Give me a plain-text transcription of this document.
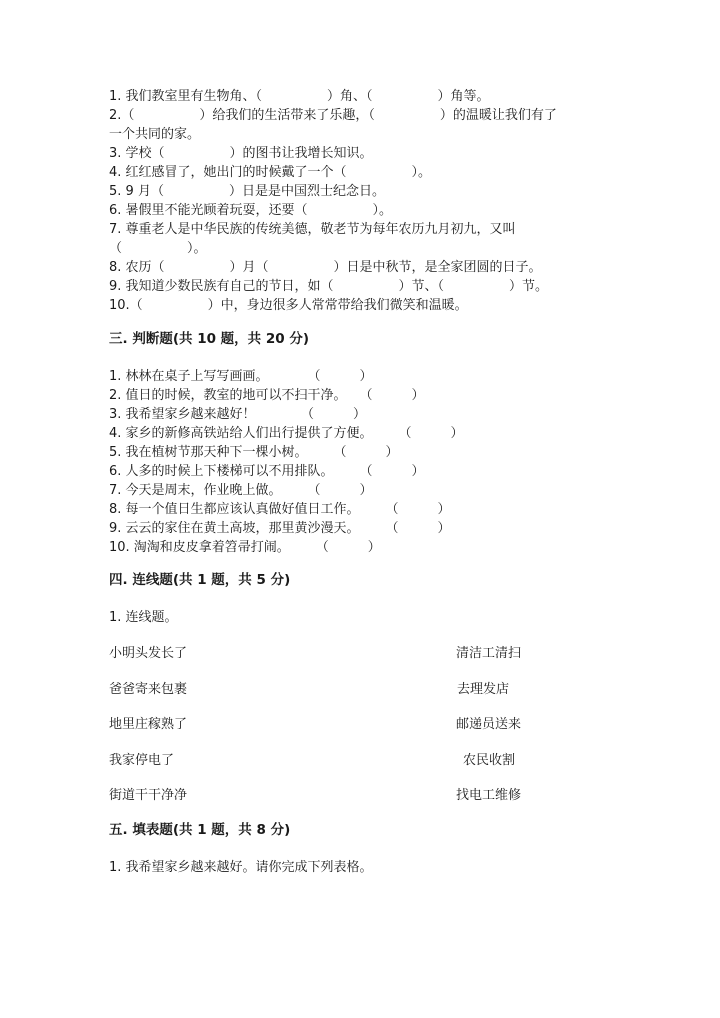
1. 我们教室里有生物角、（　　　　　）角、（　　　　　）角等。
2.（　　　　　）给我们的生活带来了乐趣，（　　　　　）的温暖让我们有了
一个共同的家。
3. 学校（　　　　　）的图书让我增长知识。
4. 红红感冒了，她出门的时候戴了一个（　　　　　）。
5. 9 月（　　　　　）日是是中国烈士纪念日。
6. 暑假里不能光顾着玩耍，还要（　　　　　）。
7. 尊重老人是中华民族的传统美德，敬老节为每年农历九月初九，又叫
（　　　　　）。
8. 农历（　　　　　）月（　　　　　）日是中秋节，是全家团圆的日子。
9. 我知道少数民族有自己的节日，如（　　　　　）节、（　　　　　）节。
10.（　　　　　）中，身边很多人常常带给我们微笑和温暖。
三. 判断题(共 10 题，共 20 分)
1. 林林在桌子上写写画画。　　　　（　　　）
2. 值日的时候，教室的地可以不扫干净。　　（　　　）
3. 我希望家乡越来越好！　　　　（　　　）
4. 家乡的新修高铁站给人们出行提供了方便。　　　（　　　）
5. 我在植树节那天种下一棵小树。　　　（　　　）
6. 人多的时候上下楼梯可以不用排队。　　　（　　　）
7. 今天是周末，作业晚上做。　　　（　　　）
8. 每一个值日生都应该认真做好值日工作。　　　（　　　）
9. 云云的家住在黄土高坡，那里黄沙漫天。　　　（　　　）
10. 淘淘和皮皮拿着笤帚打闹。　　　（　　　）
四. 连线题(共 1 题，共 5 分)
1. 连线题。
小明头发长了
爸爸寄来包裹
地里庄稼熟了
我家停电了
街道干干净净
清洁工清扫
去理发店
邮递员送来
农民收割
找电工维修
五. 填表题(共 1 题，共 8 分)
1. 我希望家乡越来越好。请你完成下列表格。
